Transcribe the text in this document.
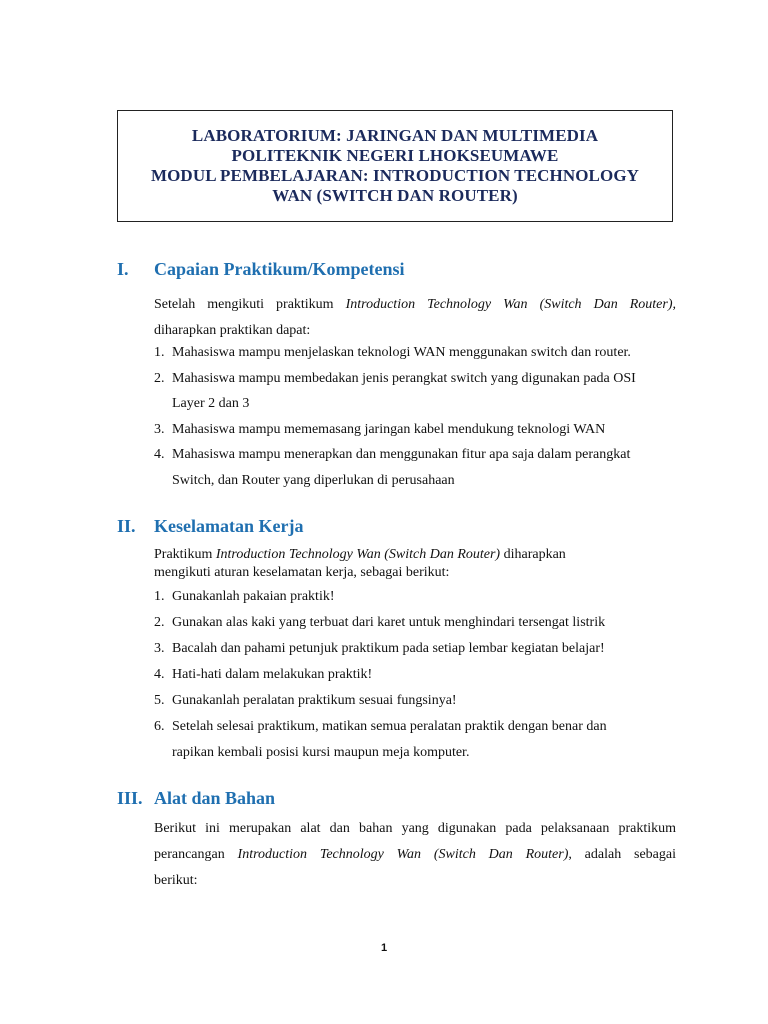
LABORATORIUM: JARINGAN DAN MULTIMEDIA
POLITEKNIK NEGERI LHOKSEUMAWE
MODUL PEMBELAJARAN: INTRODUCTION TECHNOLOGY
WAN (SWITCH DAN ROUTER)
I.	Capaian Praktikum/Kompetensi

Setelah mengikuti praktikum Introduction Technology Wan (Switch Dan Router),

diharapkan praktikan dapat:

1. Mahasiswa mampu menjelaskan teknologi WAN menggunakan switch dan router.
2. Mahasiswa mampu membedakan jenis perangkat switch yang digunakan pada OSI
Layer 2 dan 3
3. Mahasiswa mampu mememasang jaringan kabel mendukung teknologi WAN
4. Mahasiswa mampu menerapkan dan menggunakan fitur apa saja dalam perangkat
Switch, dan Router yang diperlukan di perusahaan
II.	Keselamatan Kerja

Praktikum Introduction Technology Wan (Switch Dan Router) diharapkan

mengikuti aturan keselamatan kerja, sebagai berikut:

1. Gunakanlah pakaian praktik!
2. Gunakan alas kaki yang terbuat dari karet untuk menghindari tersengat listrik
3. Bacalah dan pahami petunjuk praktikum pada setiap lembar kegiatan belajar!
4. Hati-hati dalam melakukan praktik!
5. Gunakanlah peralatan praktikum sesuai fungsinya!
6. Setelah selesai praktikum, matikan semua peralatan praktik dengan benar dan
rapikan kembali posisi kursi maupun meja komputer.
III. Alat dan Bahan

Berikut ini merupakan alat dan bahan yang digunakan pada pelaksanaan praktikum

perancangan Introduction Technology Wan (Switch Dan Router), adalah sebagai

berikut:

1
